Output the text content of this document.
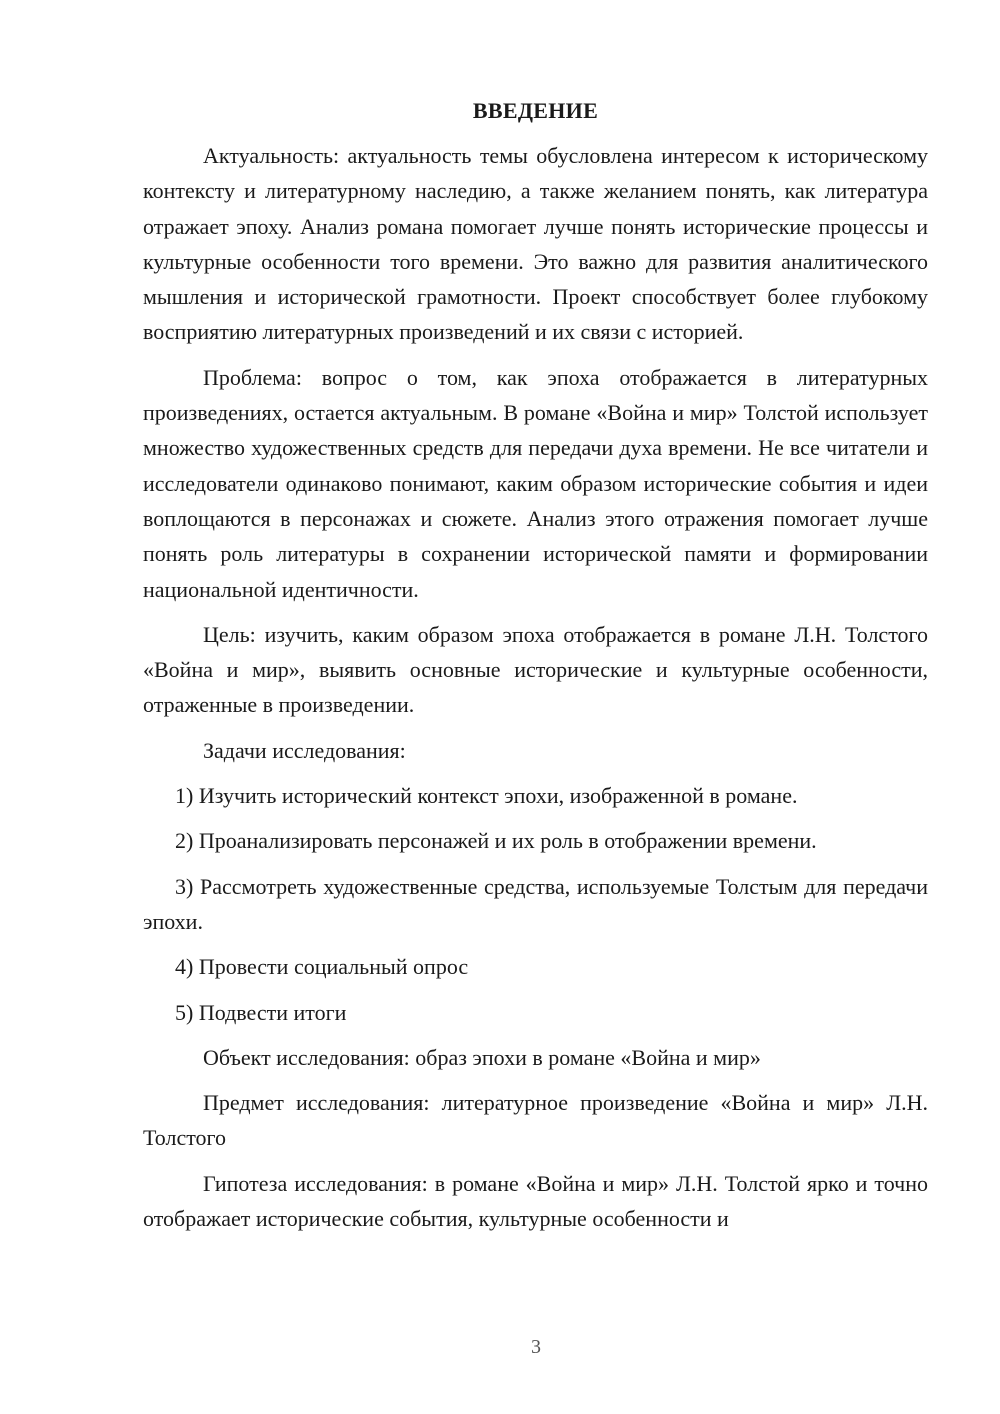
ВВЕДЕНИЕ

Актуальность: актуальность темы обусловлена интересом к историческому контексту и литературному наследию, а также желанием понять, как литература отражает эпоху. Анализ романа помогает лучше понять исторические процессы и культурные особенности того времени. Это важно для развития аналитического мышления и исторической грамотности. Проект способствует более глубокому восприятию литературных произведений и их связи с историей.

Проблема: вопрос о том, как эпоха отображается в литературных произведениях, остается актуальным. В романе «Война и мир» Толстой использует множество художественных средств для передачи духа времени. Не все читатели и исследователи одинаково понимают, каким образом исторические события и идеи воплощаются в персонажах и сюжете. Анализ этого отражения помогает лучше понять роль литературы в сохранении исторической памяти и формировании национальной идентичности.

Цель: изучить, каким образом эпоха отображается в романе Л.Н. Толстого «Война и мир», выявить основные исторические и культурные особенности, отраженные в произведении.

Задачи исследования:

1) Изучить исторический контекст эпохи, изображенной в романе.

2) Проанализировать персонажей и их роль в отображении времени.

3) Рассмотреть художественные средства, используемые Толстым для передачи эпохи.

4) Провести социальный опрос

5) Подвести итоги

Объект исследования: образ эпохи в романе «Война и мир»

Предмет исследования: литературное произведение «Война и мир» Л.Н. Толстого

Гипотеза исследования: в романе «Война и мир» Л.Н. Толстой ярко и точно отображает исторические события, культурные особенности и

3
